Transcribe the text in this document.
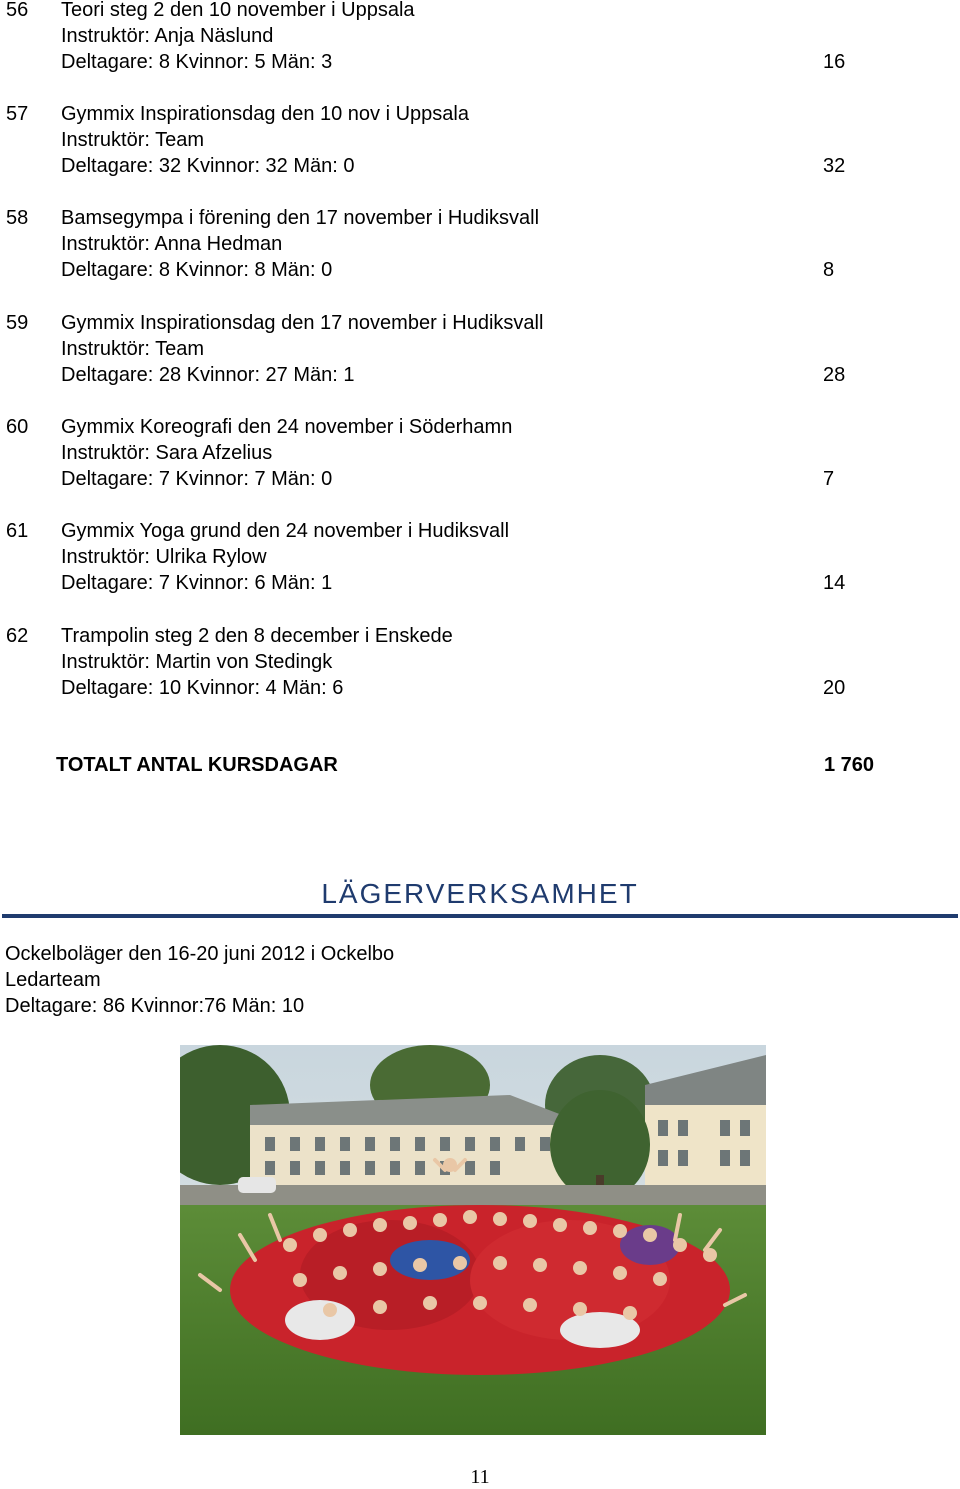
56 Teori steg 2 den 10 november i Uppsala
Instruktör: Anja Näslund
Deltagare: 8 Kvinnor: 5 Män: 3	16
57 Gymmix Inspirationsdag den 10 nov i Uppsala
Instruktör: Team
Deltagare: 32 Kvinnor: 32 Män: 0	32
58 Bamsegympa i förening den 17 november i Hudiksvall
Instruktör: Anna Hedman
Deltagare: 8 Kvinnor: 8 Män: 0	8
59 Gymmix Inspirationsdag den 17 november i Hudiksvall
Instruktör: Team
Deltagare: 28 Kvinnor: 27 Män: 1	28
60 Gymmix Koreografi den 24 november i Söderhamn
Instruktör: Sara Afzelius
Deltagare: 7 Kvinnor: 7 Män: 0	7
61 Gymmix Yoga grund den 24 november i Hudiksvall
Instruktör: Ulrika Rylow
Deltagare: 7 Kvinnor: 6 Män: 1	14
62 Trampolin steg 2 den 8 december i Enskede
Instruktör: Martin von Stedingk
Deltagare: 10 Kvinnor: 4 Män: 6	20
TOTALT ANTAL KURSDAGAR	1 760
LÄGERVERKSAMHET
Ockelboläger den 16-20 juni 2012 i Ockelbo
Ledarteam
Deltagare: 86 Kvinnor:76 Män: 10
11
